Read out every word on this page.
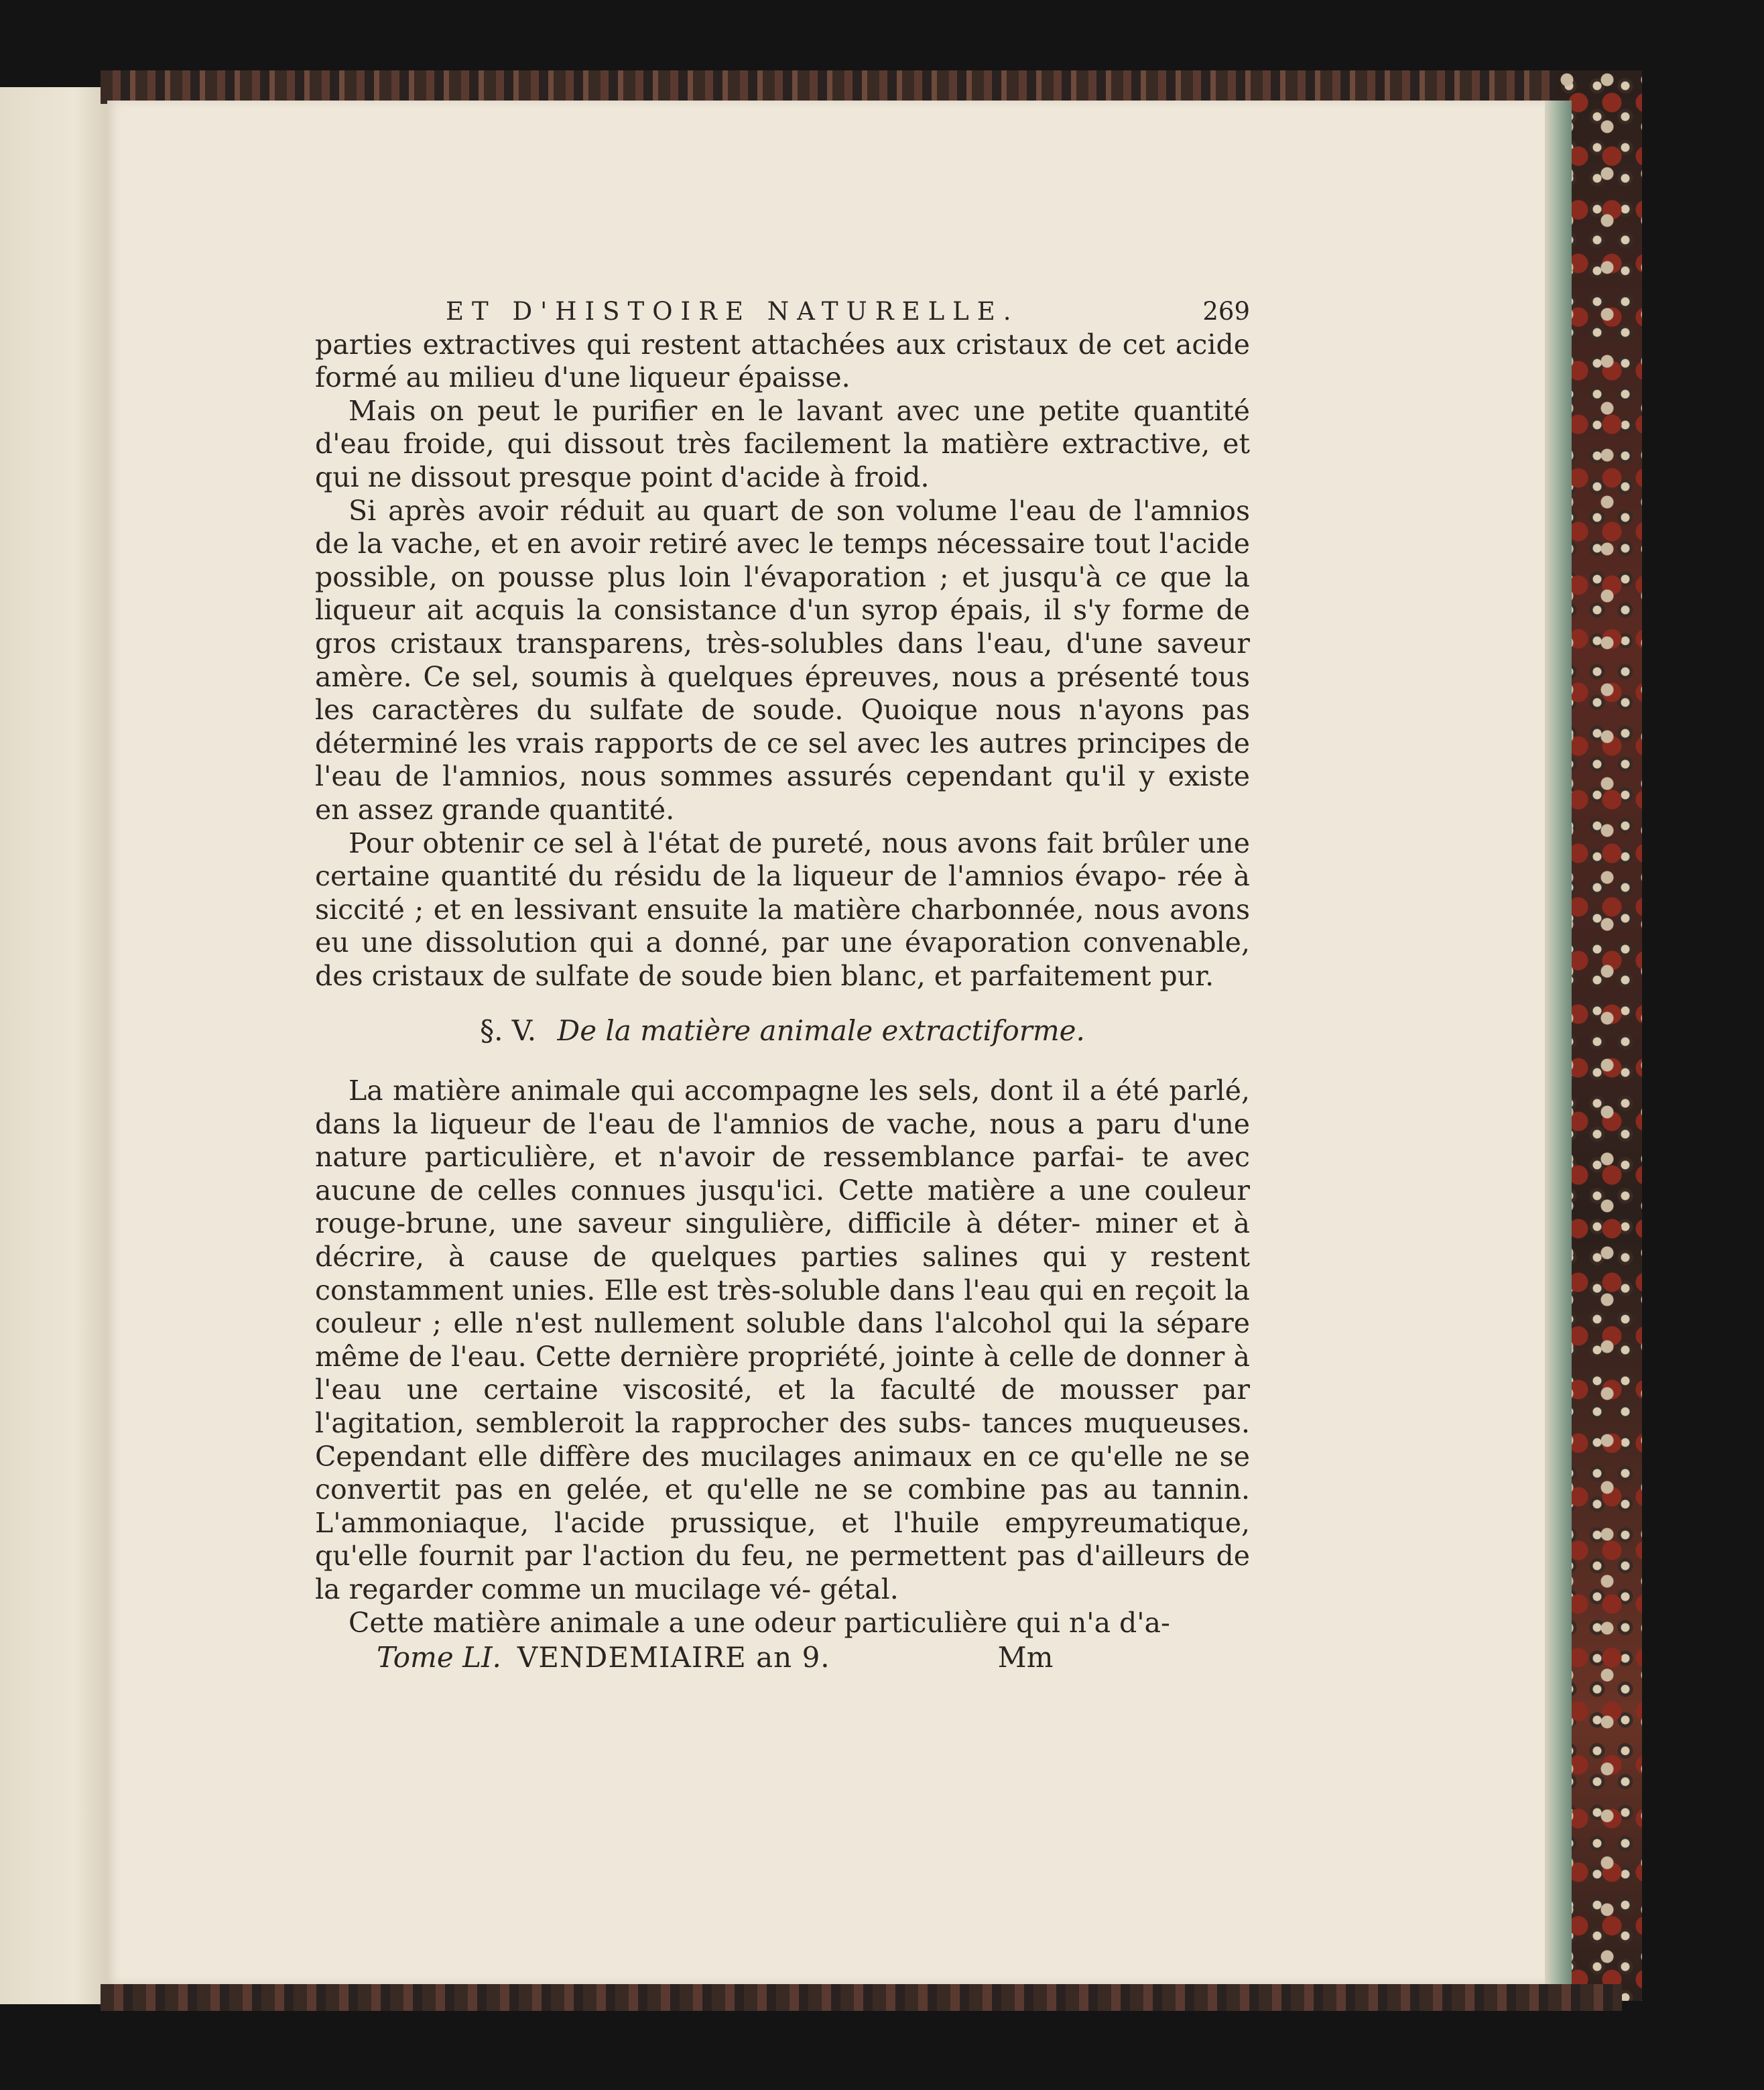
ET D'HISTOIRE NATURELLE.	269

parties extractives qui restent attachées aux cristaux de cet acide formé au milieu d'une liqueur épaisse.

Mais on peut le purifier en le lavant avec une petite quantité d'eau froide, qui dissout très facilement la matière extractive, et qui ne dissout presque point d'acide à froid.

Si après avoir réduit au quart de son volume l'eau de l'amnios de la vache, et en avoir retiré avec le temps nécessaire tout l'acide possible, on pousse plus loin l'évaporation ; et jusqu'à ce que la liqueur ait acquis la consistance d'un syrop épais, il s'y forme de gros cristaux transparens, très-solubles dans l'eau, d'une saveur amère. Ce sel, soumis à quelques épreuves, nous a présenté tous les caractères du sulfate de soude. Quoique nous n'ayons pas déterminé les vrais rapports de ce sel avec les autres principes de l'eau de l'amnios, nous sommes assurés cependant qu'il y existe en assez grande quantité.

Pour obtenir ce sel à l'état de pureté, nous avons fait brûler une certaine quantité du résidu de la liqueur de l'amnios évapo- rée à siccité ; et en lessivant ensuite la matière charbonnée, nous avons eu une dissolution qui a donné, par une évaporation convenable, des cristaux de sulfate de soude bien blanc, et parfaitement pur.

§. V. De la matière animale extractiforme.

La matière animale qui accompagne les sels, dont il a été parlé, dans la liqueur de l'eau de l'amnios de vache, nous a paru d'une nature particulière, et n'avoir de ressemblance parfai- te avec aucune de celles connues jusqu'ici. Cette matière a une couleur rouge-brune, une saveur singulière, difficile à déter- miner et à décrire, à cause de quelques parties salines qui y restent constamment unies. Elle est très-soluble dans l'eau qui en reçoit la couleur ; elle n'est nullement soluble dans l'alcohol qui la sépare même de l'eau. Cette dernière propriété, jointe à celle de donner à l'eau une certaine viscosité, et la faculté de mousser par l'agitation, sembleroit la rapprocher des subs- tances muqueuses. Cependant elle diffère des mucilages animaux en ce qu'elle ne se convertit pas en gelée, et qu'elle ne se combine pas au tannin. L'ammoniaque, l'acide prussique, et l'huile empyreumatique, qu'elle fournit par l'action du feu, ne permettent pas d'ailleurs de la regarder comme un mucilage vé- gétal.

Cette matière animale a une odeur particulière qui n'a d'a-

Tome LI. VENDEMIAIRE an 9.	Mm
